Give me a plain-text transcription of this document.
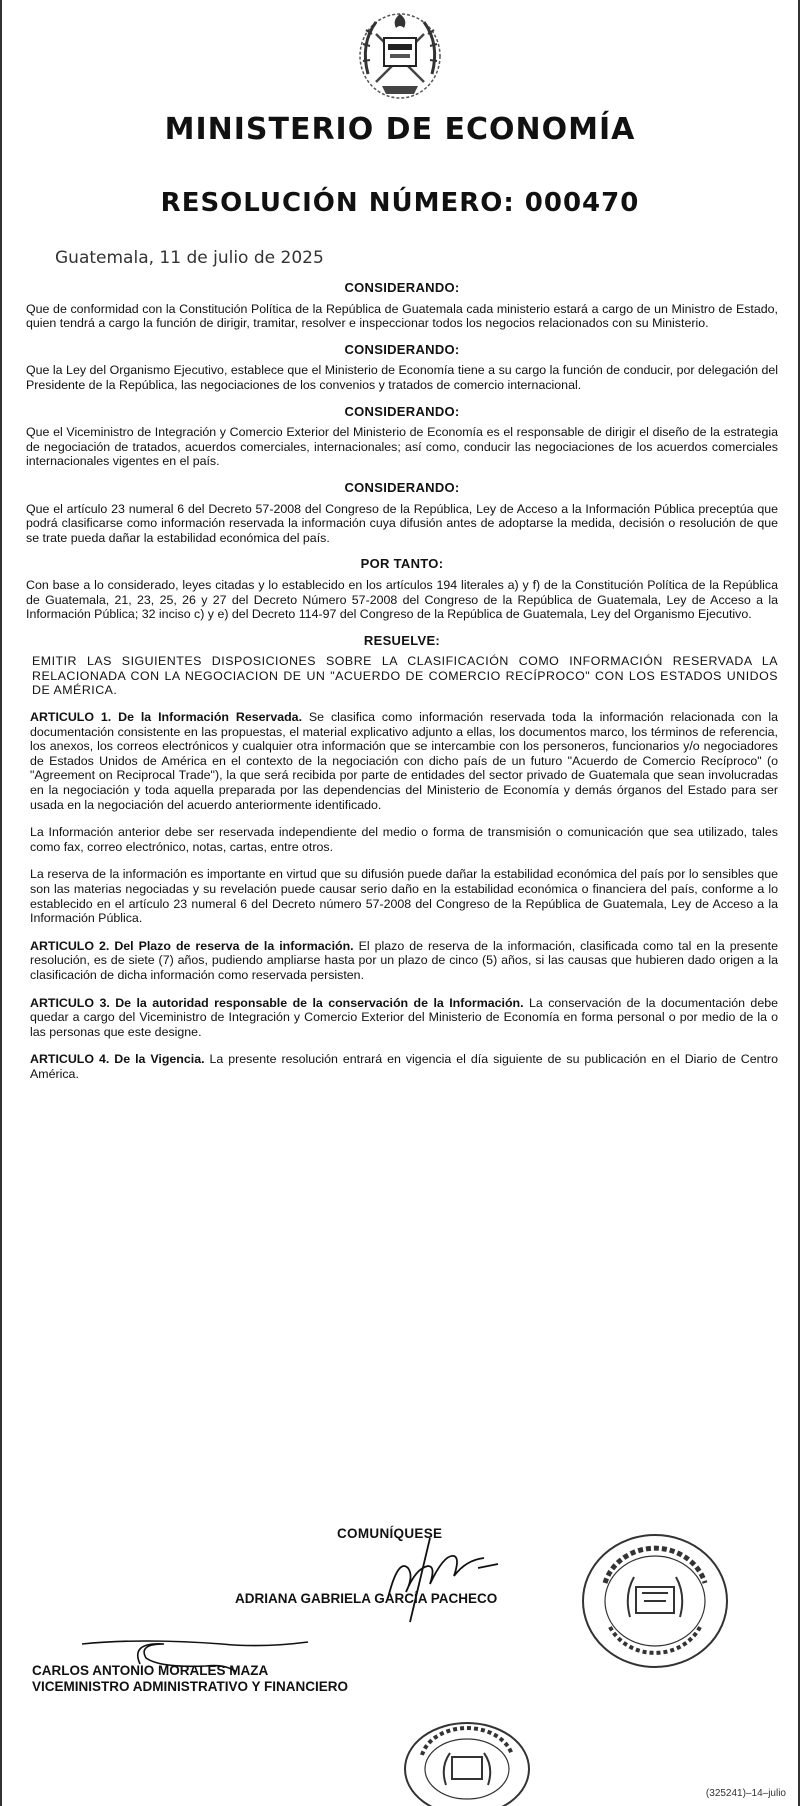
MINISTERIO DE ECONOMÍA
RESOLUCIÓN NÚMERO: 000470
Guatemala, 11 de julio de 2025
CONSIDERANDO:
Que de conformidad con la Constitución Política de la República de Guatemala cada ministerio estará a cargo de un Ministro de Estado, quien tendrá a cargo la función de dirigir, tramitar, resolver e inspeccionar todos los negocios relacionados con su Ministerio.
CONSIDERANDO:
Que la Ley del Organismo Ejecutivo, establece que el Ministerio de Economía tiene a su cargo la función de conducir, por delegación del Presidente de la República, las negociaciones de los convenios y tratados de comercio internacional.
CONSIDERANDO:
Que el Viceministro de Integración y Comercio Exterior del Ministerio de Economía es el responsable de dirigir el diseño de la estrategia de negociación de tratados, acuerdos comerciales, internacionales; así como, conducir las negociaciones de los acuerdos comerciales internacionales vigentes en el país.
CONSIDERANDO:
Que el artículo 23 numeral 6 del Decreto 57-2008 del Congreso de la República, Ley de Acceso a la Información Pública preceptúa que podrá clasificarse como información reservada la información cuya difusión antes de adoptarse la medida, decisión o resolución de que se trate pueda dañar la estabilidad económica del país.
POR TANTO:
Con base a lo considerado, leyes citadas y lo establecido en los artículos 194 literales a) y f) de la Constitución Política de la República de Guatemala, 21, 23, 25, 26 y 27 del Decreto Número 57-2008 del Congreso de la República de Guatemala, Ley de Acceso a la Información Pública; 32 inciso c) y e) del Decreto 114-97 del Congreso de la República de Guatemala, Ley del Organismo Ejecutivo.
RESUELVE:
EMITIR LAS SIGUIENTES DISPOSICIONES SOBRE LA CLASIFICACIÓN COMO INFORMACIÓN RESERVADA LA RELACIONADA CON LA NEGOCIACION DE UN "ACUERDO DE COMERCIO RECÍPROCO" CON LOS ESTADOS UNIDOS DE AMÉRICA.
ARTICULO 1. De la Información Reservada. Se clasifica como información reservada toda la información relacionada con la documentación consistente en las propuestas, el material explicativo adjunto a ellas, los documentos marco, los términos de referencia, los anexos, los correos electrónicos y cualquier otra información que se intercambie con los personeros, funcionarios y/o negociadores de Estados Unidos de América en el contexto de la negociación con dicho país de un futuro "Acuerdo de Comercio Recíproco" (o "Agreement on Reciprocal Trade"), la que será recibida por parte de entidades del sector privado de Guatemala que sean involucradas en la negociación y toda aquella preparada por las dependencias del Ministerio de Economía y demás órganos del Estado para ser usada en la negociación del acuerdo anteriormente identificado.
La Información anterior debe ser reservada independiente del medio o forma de transmisión o comunicación que sea utilizado, tales como fax, correo electrónico, notas, cartas, entre otros.
La reserva de la información es importante en virtud que su difusión puede dañar la estabilidad económica del país por lo sensibles que son las materias negociadas y su revelación puede causar serio daño en la estabilidad económica o financiera del país, conforme a lo establecido en el artículo 23 numeral 6 del Decreto número 57-2008 del Congreso de la República de Guatemala, Ley de Acceso a la Información Pública.
ARTICULO 2. Del Plazo de reserva de la información. El plazo de reserva de la información, clasificada como tal en la presente resolución, es de siete (7) años, pudiendo ampliarse hasta por un plazo de cinco (5) años, si las causas que hubieren dado origen a la clasificación de dicha información como reservada persisten.
ARTICULO 3. De la autoridad responsable de la conservación de la Información. La conservación de la documentación debe quedar a cargo del Viceministro de Integración y Comercio Exterior del Ministerio de Economía en forma personal o por medio de la o las personas que este designe.
ARTICULO 4. De la Vigencia. La presente resolución entrará en vigencia el día siguiente de su publicación en el Diario de Centro América.
COMUNÍQUESE
ADRIANA GABRIELA GARCÍA PACHECO
CARLOS ANTONIO MORALES MAZA
VICEMINISTRO ADMINISTRATIVO Y FINANCIERO
(325241)–14–julio
